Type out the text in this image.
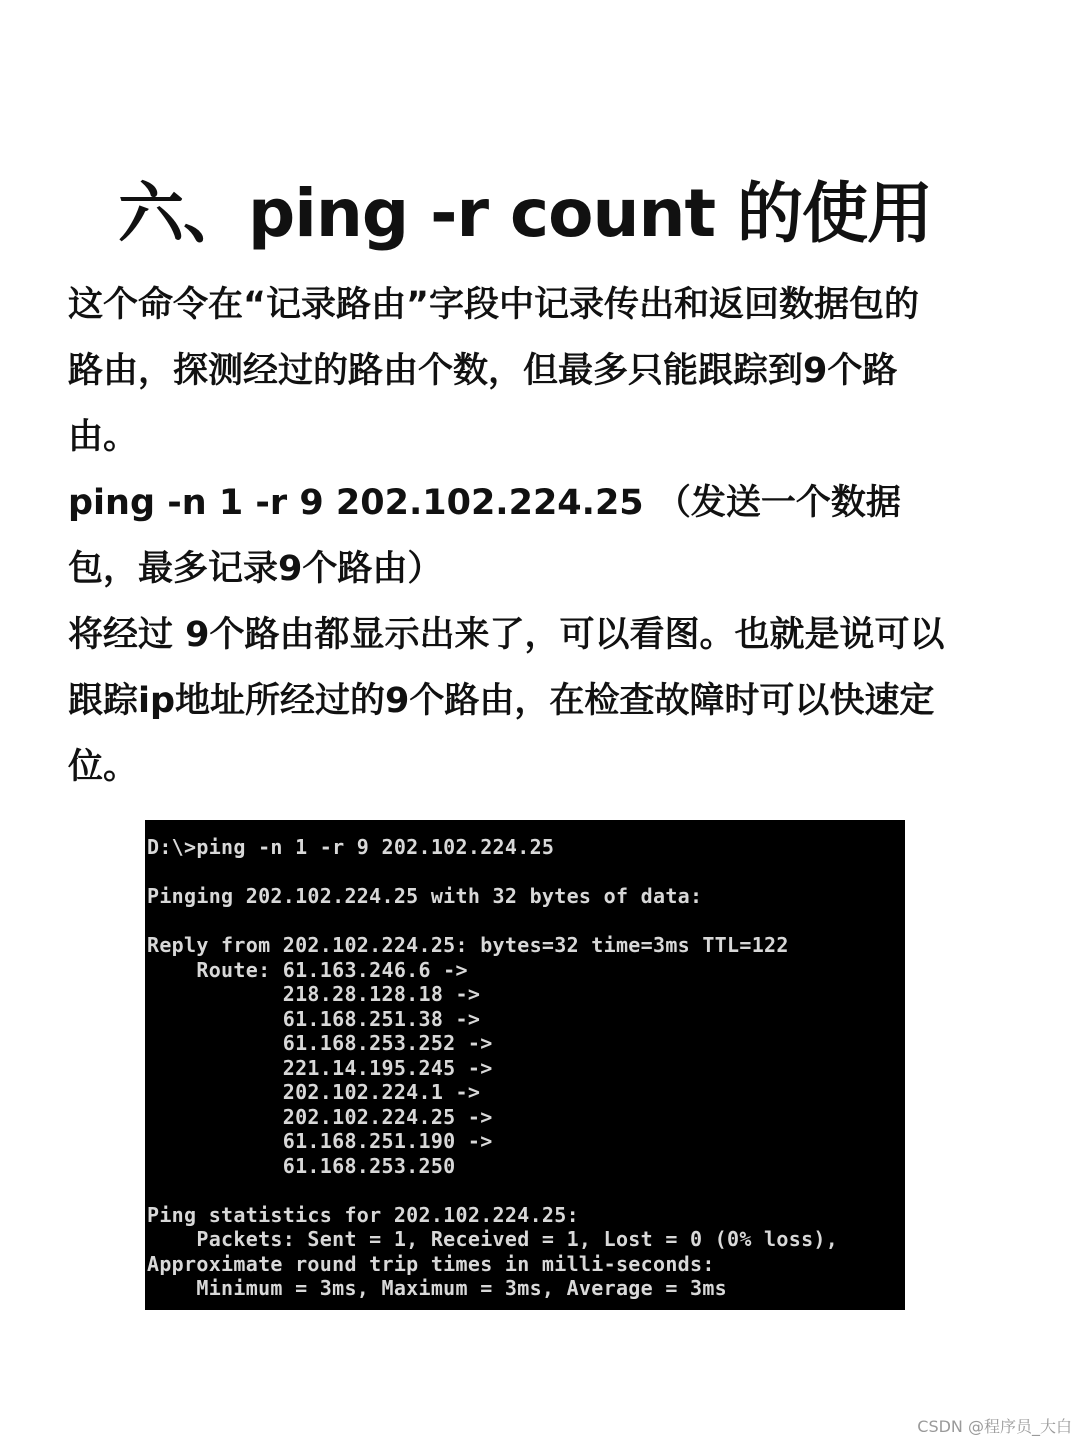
六、ping -r count 的使用
这个命令在“记录路由”字段中记录传出和返回数据包的
路由，探测经过的路由个数，但最多只能跟踪到9个路
由。
ping -n 1 -r 9 202.102.224.25 （发送一个数据
包，最多记录9个路由）
将经过 9个路由都显示出来了，可以看图。也就是说可以
跟踪ip地址所经过的9个路由，在检查故障时可以快速定
位。
D:\>ping -n 1 -r 9 202.102.224.25
Pinging 202.102.224.25 with 32 bytes of data:
Reply from 202.102.224.25: bytes=32 time=3ms TTL=122
Route: 61.163.246.6 ->
218.28.128.18 ->
61.168.251.38 ->
61.168.253.252 ->
221.14.195.245 ->
202.102.224.1 ->
202.102.224.25 ->
61.168.251.190 ->
61.168.253.250
Ping statistics for 202.102.224.25:
Packets: Sent = 1, Received = 1, Lost = 0 (0% loss),
Approximate round trip times in milli-seconds:
Minimum = 3ms, Maximum = 3ms, Average = 3ms
CSDN @程序员_大白
